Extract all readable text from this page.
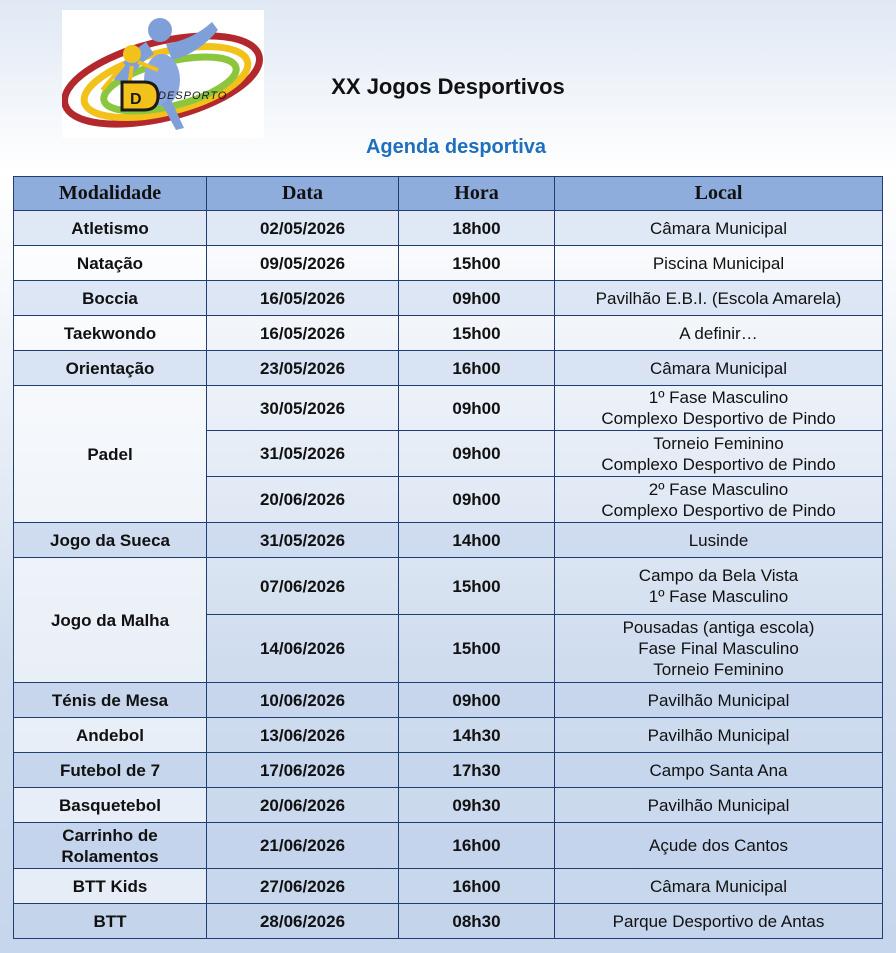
D DESPORTO	XX Jogos Desportivos
Agenda desportiva
Modalidade	Data	Hora	Local
Atletismo	02/05/2026	18h00	Câmara Municipal

Natação	09/05/2026	15h00	Piscina Municipal

Boccia	16/05/2026	09h00	Pavilhão E.B.I. (Escola Amarela)

Taekwondo	16/05/2026	15h00	A definir…

Orientação	23/05/2026	16h00	Câmara Municipal

Padel	30/05/2026	09h00	1º Fase Masculino
Complexo Desportivo de Pindo

	31/05/2026	09h00	Torneio Feminino
Complexo Desportivo de Pindo

	20/06/2026	09h00	2º Fase Masculino
Complexo Desportivo de Pindo

Jogo da Sueca	31/05/2026	14h00	Lusinde

Jogo da Malha	07/06/2026	15h00	Campo da Bela Vista
1º Fase Masculino

	14/06/2026	15h00	Pousadas (antiga escola)
Fase Final Masculino
Torneio Feminino

Ténis de Mesa	10/06/2026	09h00	Pavilhão Municipal

Andebol	13/06/2026	14h30	Pavilhão Municipal

Futebol de 7	17/06/2026	17h30	Campo Santa Ana

Basquetebol	20/06/2026	09h30	Pavilhão Municipal

Carrinho de Rolamentos	21/06/2026	16h00	Açude dos Cantos

BTT Kids	27/06/2026	16h00	Câmara Municipal

BTT	28/06/2026	08h30	Parque Desportivo de Antas
